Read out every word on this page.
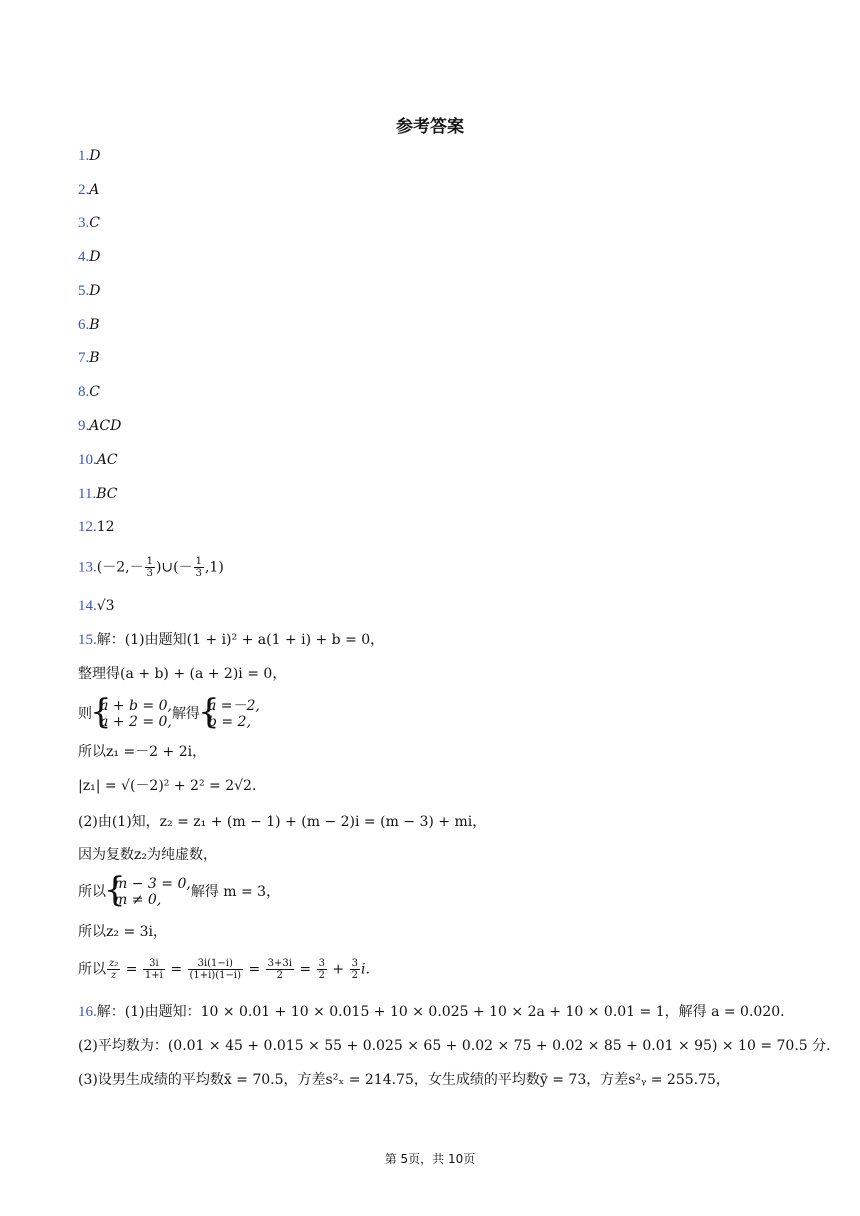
参考答案
1.D
2.A
3.C
4.D
5.D
6.B
7.B
8.C
9.ACD
10.AC
11.BC
12.12
$13.(-2,- \frac{1}{3}$ )∪(－ $\frac{1}{3} ,1$)
14.√3
15.解：(1)由题知(1 + i)² + a(1 + i) + b = 0，
整理得(a + b) + (a + 2)i = 0，
则 { a + b = 0,
a + 2 = 0, 解得 { a =－2,
b = 2,
所以z₁ =－2 + 2i，
|z₁| = √(－2)² + 2² = 2√2.
(2)由(1)知，z₂ = z₁ + (m − 1) + (m − 2)i = (m − 3) + mi，
因为复数z₂为纯虚数，
所以 { m − 3 = 0,
m ≠ 0,	解得 m = 3，
所以z₂ = 3i，
所以 $\frac{\text{z₂}}{z} = \frac{3i}{1+i} = \frac{3i(1-i)}{(1+i)(1-i)} = \frac{3+3i}{2} = \frac{3}{2} + \frac{3}{2} i$.
16.解：(1)由题知：10 × 0.01 + 10 × 0.015 + 10 × 0.025 + 10 × 2a + 10 × 0.01 = 1，解得 a = 0.020.
(2)平均数为：(0.01 × 45 + 0.015 × 55 + 0.025 × 65 + 0.02 × 75 + 0.02 × 85 + 0.01 × 95) × 10 = 70.5 分.
(3)设男生成绩的平均数x̄ = 70.5，方差s²ₓ = 214.75，女生成绩的平均数ȳ = 73，方差s²ᵧ = 255.75，
第 5页，共 10页
